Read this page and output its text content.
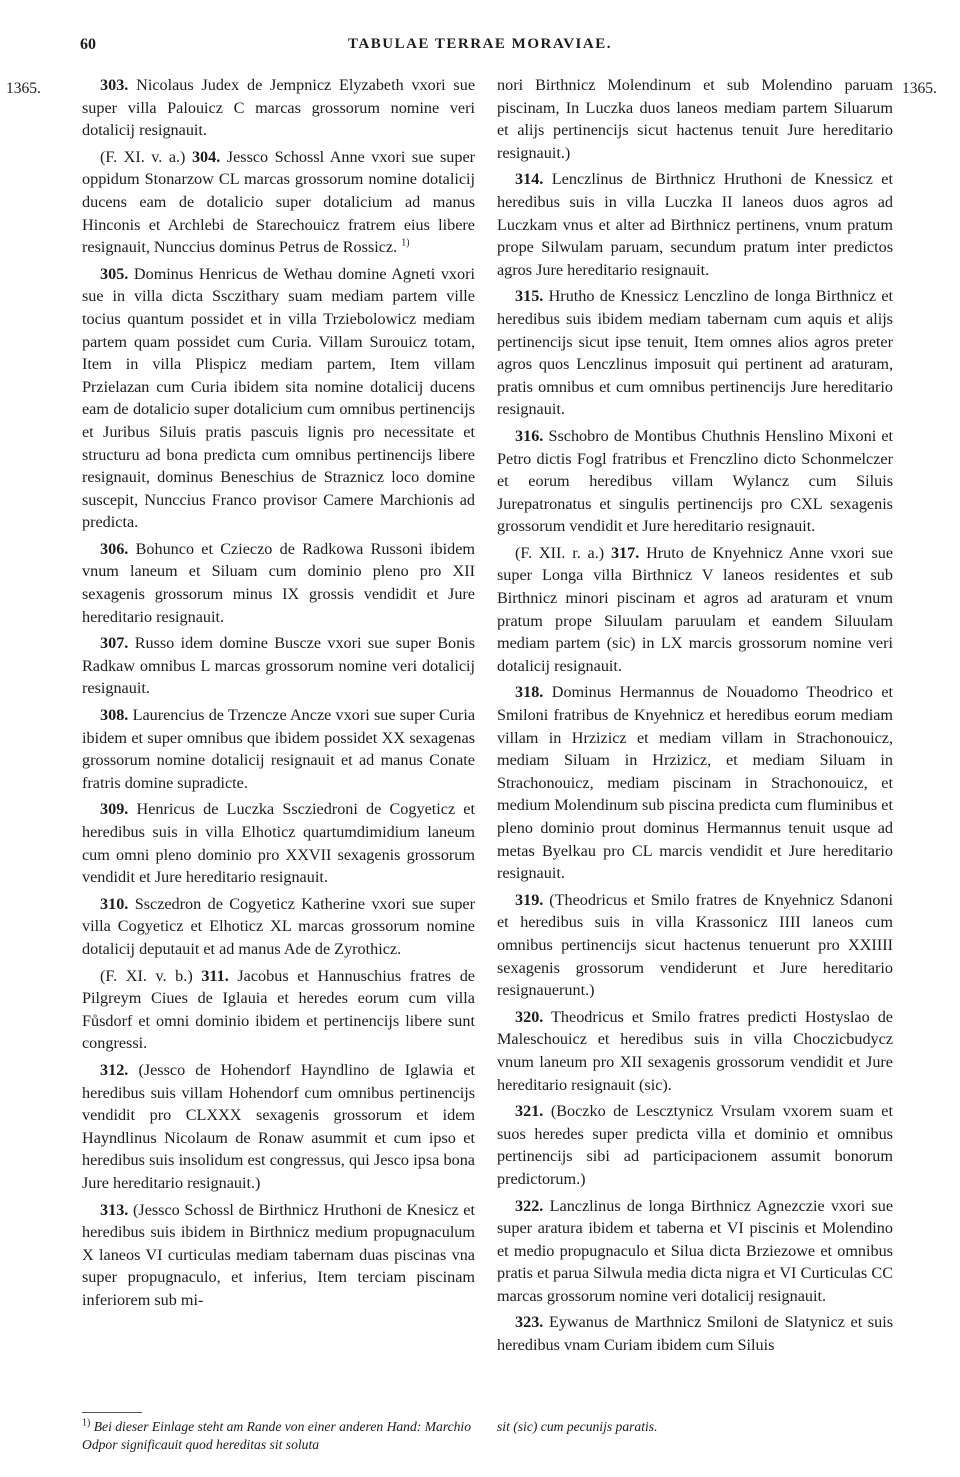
60	TABULAE TERRAE MORAVIAE.
1365.	1365.

303. Nicolaus Judex de Jempnicz Elyzabeth vxori sue super villa Palouicz C marcas grossorum nomine veri dotalicij resignauit.

(F. XI. v. a.) 304. Jessco Schossl Anne vxori sue super oppidum Stonarzow CL marcas grossorum nomine dotalicij ducens eam de dotalicio super dotalicium ad manus Hinconis et Archlebi de Starechouicz fratrem eius libere resignauit, Nunccius dominus Petrus de Rossicz. $^{1)}$

305. Dominus Henricus de Wethau domine Agneti vxori sue in villa dicta Ssczithary suam mediam partem ville tocius quantum possidet et in villa Trziebolowicz mediam partem quam possidet cum Curia. Villam Surouicz totam, Item in villa Plispicz mediam partem, Item villam Przielazan cum Curia ibidem sita nomine dotalicij ducens eam de dotalicio super dotalicium cum omnibus pertinencijs et Juribus Siluis pratis pascuis lignis pro necessitate et structuru ad bona predicta cum omnibus pertinencijs libere resignauit, dominus Beneschius de Straznicz loco domine suscepit, Nunccius Franco provisor Camere Marchionis ad predicta.

306. Bohunco et Czieczo de Radkowa Russoni ibidem vnum laneum et Siluam cum dominio pleno pro XII sexagenis grossorum minus IX grossis vendidit et Jure hereditario resignauit.

307. Russo idem domine Buscze vxori sue super Bonis Radkaw omnibus L marcas grossorum nomine veri dotalicij resignauit.

308. Laurencius de Trzencze Ancze vxori sue super Curia ibidem et super omnibus que ibidem possidet XX sexagenas grossorum nomine dotalicij resignauit et ad manus Conate fratris domine supradicte.

309. Henricus de Luczka Sscziedroni de Cogyeticz et heredibus suis in villa Elhoticz quartumdimidium laneum cum omni pleno dominio pro XXVII sexagenis grossorum vendidit et Jure hereditario resignauit.

310. Ssczedron de Cogyeticz Katherine vxori sue super villa Cogyeticz et Elhoticz XL marcas grossorum nomine dotalicij deputauit et ad manus Ade de Zyrothicz.

(F. XI. v. b.) 311. Jacobus et Hannuschius fratres de Pilgreym Ciues de Iglauia et heredes eorum cum villa Fůsdorf et omni dominio ibidem et pertinencijs libere sunt congressi.

312. (Jessco de Hohendorf Hayndlino de Iglawia et heredibus suis villam Hohendorf cum omnibus pertinencijs vendidit pro CLXXX sexagenis grossorum et idem Hayndlinus Nicolaum de Ronaw asummit et cum ipso et heredibus suis insolidum est congressus, qui Jesco ipsa bona Jure hereditario resignauit.)

313. (Jessco Schossl de Birthnicz Hruthoni de Knesicz et heredibus suis ibidem in Birthnicz medium propugnaculum X laneos VI curticulas mediam tabernam duas piscinas vna super propugnaculo, et inferius, Item terciam piscinam inferiorem sub mi-

nori Birthnicz Molendinum et sub Molendino paruam piscinam, In Luczka duos laneos mediam partem Siluarum et alijs pertinencijs sicut hactenus tenuit Jure hereditario resignauit.)

314. Lenczlinus de Birthnicz Hruthoni de Knessicz et heredibus suis in villa Luczka II laneos duos agros ad Luczkam vnus et alter ad Birthnicz pertinens, vnum pratum prope Silwulam paruam, secundum pratum inter predictos agros Jure hereditario resignauit.

315. Hrutho de Knessicz Lenczlino de longa Birthnicz et heredibus suis ibidem mediam tabernam cum aquis et alijs pertinencijs sicut ipse tenuit, Item omnes alios agros preter agros quos Lenczlinus imposuit qui pertinent ad araturam, pratis omnibus et cum omnibus pertinencijs Jure hereditario resignauit.

316. Sschobro de Montibus Chuthnis Henslino Mixoni et Petro dictis Fogl fratribus et Frenczlino dicto Schonmelczer et eorum heredibus villam Wylancz cum Siluis Jurepatronatus et singulis pertinencijs pro CXL sexagenis grossorum vendidit et Jure hereditario resignauit.

(F. XII. r. a.) 317. Hruto de Knyehnicz Anne vxori sue super Longa villa Birthnicz V laneos residentes et sub Birthnicz minori piscinam et agros ad araturam et vnum pratum prope Siluulam paruulam et eandem Siluulam mediam partem (sic) in LX marcis grossorum nomine veri dotalicij resignauit.

318. Dominus Hermannus de Nouadomo Theodrico et Smiloni fratribus de Knyehnicz et heredibus eorum mediam villam in Hrzizicz et mediam villam in Strachonouicz, mediam Siluam in Hrzizicz, et mediam Siluam in Strachonouicz, mediam piscinam in Strachonouicz, et medium Molendinum sub piscina predicta cum fluminibus et pleno dominio prout dominus Hermannus tenuit usque ad metas Byelkau pro CL marcis vendidit et Jure hereditario resignauit.

319. (Theodricus et Smilo fratres de Knyehnicz Sdanoni et heredibus suis in villa Krassonicz IIII laneos cum omnibus pertinencijs sicut hactenus tenuerunt pro XXIIII sexagenis grossorum vendiderunt et Jure hereditario resignauerunt.)

320. Theodricus et Smilo fratres predicti Hostyslao de Maleschouicz et heredibus suis in villa Choczicbudycz vnum laneum pro XII sexagenis grossorum vendidit et Jure hereditario resignauit (sic).

321. (Boczko de Lescztynicz Vrsulam vxorem suam et suos heredes super predicta villa et dominio et omnibus pertinencijs sibi ad participacionem assumit bonorum predictorum.)

322. Lanczlinus de longa Birthnicz Agnezczie vxori sue super aratura ibidem et taberna et VI piscinis et Molendino et medio propugnaculo et Silua dicta Brziezowe et omnibus pratis et parua Silwula media dicta nigra et VI Curticulas CC marcas grossorum nomine veri dotalicij resignauit.

323. Eywanus de Marthnicz Smiloni de Slatynicz et suis heredibus vnam Curiam ibidem cum Siluis

$^{1)}$ Bei dieser Einlage steht am Rande von einer anderen Hand: Marchio Odpor significauit quod hereditas sit soluta
sit (sic) cum pecunijs paratis.
